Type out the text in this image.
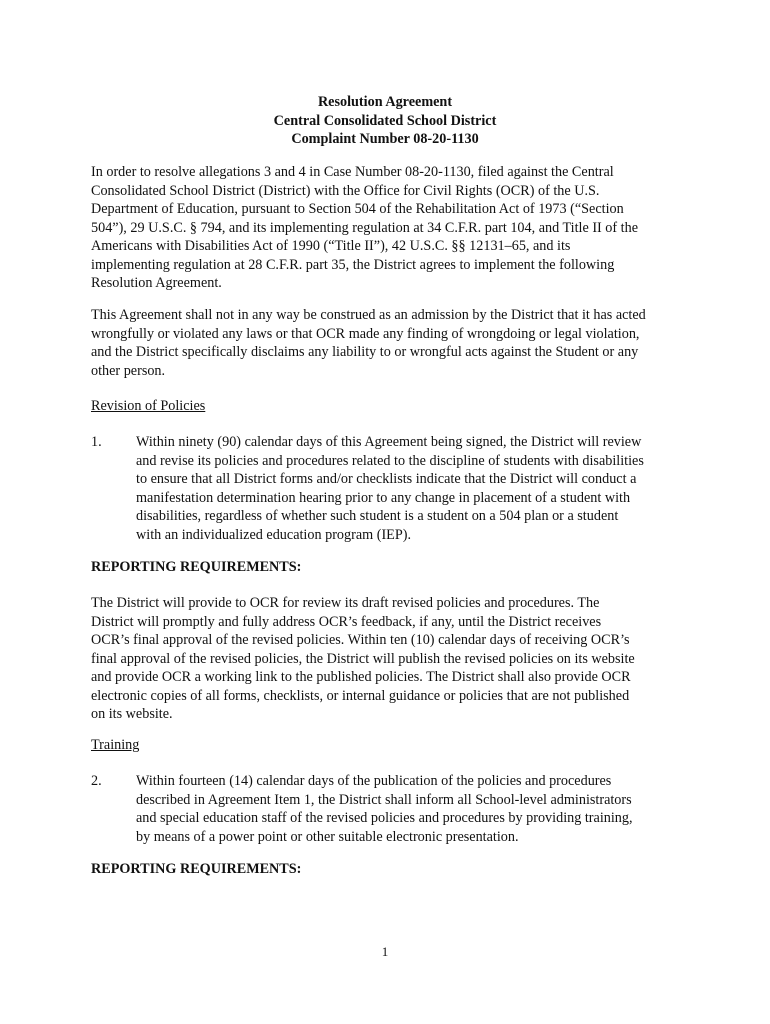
Resolution Agreement
Central Consolidated School District
Complaint Number 08-20-1130
In order to resolve allegations 3 and 4 in Case Number 08-20-1130, filed against the Central
Consolidated School District (District) with the Office for Civil Rights (OCR) of the U.S.
Department of Education, pursuant to Section 504 of the Rehabilitation Act of 1973 (“Section
504”), 29 U.S.C. § 794, and its implementing regulation at 34 C.F.R. part 104, and Title II of the
Americans with Disabilities Act of 1990 (“Title II”), 42 U.S.C. §§ 12131–65, and its
implementing regulation at 28 C.F.R. part 35, the District agrees to implement the following
Resolution Agreement.
This Agreement shall not in any way be construed as an admission by the District that it has acted
wrongfully or violated any laws or that OCR made any finding of wrongdoing or legal violation,
and the District specifically disclaims any liability to or wrongful acts against the Student or any
other person.
Revision of Policies
1. Within ninety (90) calendar days of this Agreement being signed, the District will review
and revise its policies and procedures related to the discipline of students with disabilities
to ensure that all District forms and/or checklists indicate that the District will conduct a
manifestation determination hearing prior to any change in placement of a student with
disabilities, regardless of whether such student is a student on a 504 plan or a student
with an individualized education program (IEP).
REPORTING REQUIREMENTS:
The District will provide to OCR for review its draft revised policies and procedures. The
District will promptly and fully address OCR’s feedback, if any, until the District receives
OCR’s final approval of the revised policies. Within ten (10) calendar days of receiving OCR’s
final approval of the revised policies, the District will publish the revised policies on its website
and provide OCR a working link to the published policies. The District shall also provide OCR
electronic copies of all forms, checklists, or internal guidance or policies that are not published
on its website.
Training
2. Within fourteen (14) calendar days of the publication of the policies and procedures
described in Agreement Item 1, the District shall inform all School-level administrators
and special education staff of the revised policies and procedures by providing training,
by means of a power point or other suitable electronic presentation.
REPORTING REQUIREMENTS:
1
